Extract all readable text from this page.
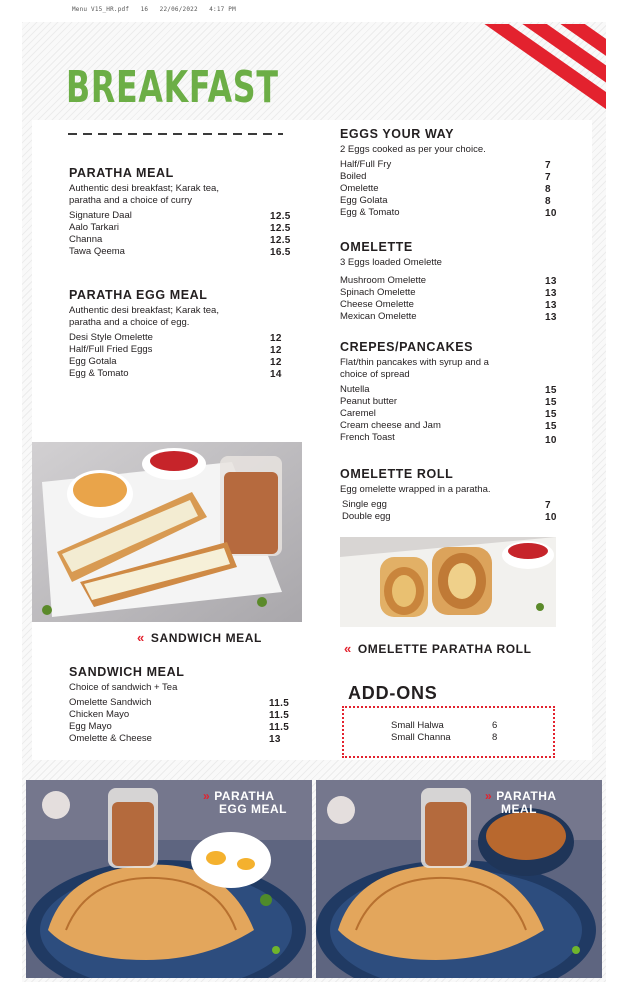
Menu V15_HR.pdf   16   22/06/2022   4:17 PM
BREAKFAST
PARATHA MEAL
Authentic desi breakfast; Karak tea, paratha and a choice of curry
Signature Daal	12.5
Aalo Tarkari	12.5
Channa	12.5
Tawa Qeema	16.5
PARATHA EGG MEAL
Authentic desi breakfast; Karak tea, paratha and a choice of egg.
Desi Style Omelette	12
Half/Full Fried Eggs	12
Egg Gotala	12
Egg & Tomato	14
« SANDWICH MEAL
SANDWICH MEAL
Choice of sandwich + Tea
Omelette Sandwich	11.5
Chicken Mayo	11.5
Egg Mayo	11.5
Omelette & Cheese	13
EGGS YOUR WAY
2 Eggs cooked as per your choice.
Half/Full Fry	7
Boiled	7
Omelette	8
Egg Golata	8
Egg & Tomato	10
OMELETTE
3 Eggs loaded Omelette
Mushroom Omelette	13
Spinach Omelette	13
Cheese Omelette	13
Mexican Omelette	13
CREPES/PANCAKES
Flat/thin pancakes with syrup and a choice of spread
Nutella	15
Peanut butter	15
Caremel	15
Cream cheese and Jam	15
French Toast	10
OMELETTE ROLL
Egg omelette wrapped in a paratha.
Single egg	7
Double egg	10
« OMELETTE PARATHA ROLL
ADD-ONS
Small Halwa	6
Small Channa	8
» PARATHA
EGG MEAL
» PARATHA
MEAL
